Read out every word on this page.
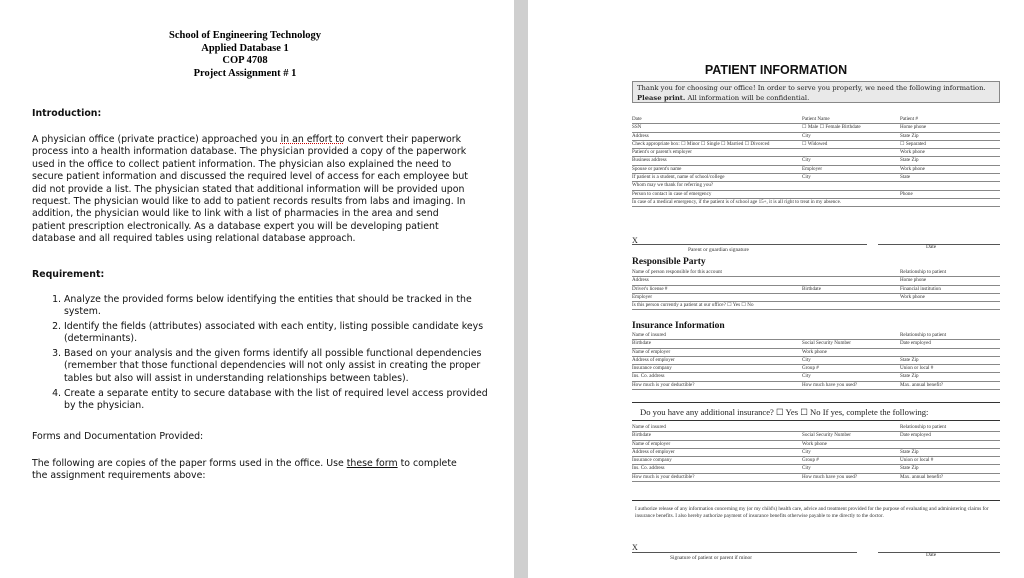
School of Engineering Technology
Applied Database 1
COP 4708
Project Assignment # 1
Introduction:
A physician office (private practice) approached you in an effort to convert their paperwork process into a health information database. The physician provided a copy of the paperwork used in the office to collect patient information. The physician also explained the need to secure patient information and discussed the required level of access for each employee but did not provide a list. The physician stated that additional information will be provided upon request. The physician would like to add to patient records results from labs and imaging. In addition, the physician would like to link with a list of pharmacies in the area and send patient prescription electronically. As a database expert you will be developing patient database and all required tables using relational database approach.
Requirement:
1. Analyze the provided forms below identifying the entities that should be tracked in the system.
2. Identify the fields (attributes) associated with each entity, listing possible candidate keys (determinants).
3. Based on your analysis and the given forms identify all possible functional dependencies (remember that those functional dependencies will not only assist in creating the proper tables but also will assist in understanding relationships between tables).
4. Create a separate entity to secure database with the list of required level access provided by the physician.
Forms and Documentation Provided:
The following are copies of the paper forms used in the office. Use these form to complete the assignment requirements above:
PATIENT INFORMATION
Thank you for choosing our office! In order to serve you properly, we need the following information. Please print. All information will be confidential.
Date	Patient Name	Patient #
SSN	☐ Male ☐ Female Birthdate	Home phone
Address	City	State Zip
Check appropriate box: ☐ Minor ☐ Single ☐ Married ☐ Divorced	☐ Widowed	☐ Separated
Patient's or parent's employer	Work phone
Business address	City	State Zip
Spouse or parent's name	Employer	Work phone
If patient is a student, name of school/college	City	State
Whom may we thank for referring you?
Person to contact in case of emergency	Phone
In case of a medical emergency, if the patient is of school age 15+, it is all right to treat in my absence.
X
Parent or guardian signature	Date
Responsible Party
Name of person responsible for this account	Relationship to patient
Address	Home phone
Driver's license #	Birthdate	Financial institution
Employer	Work phone
Is this person currently a patient at our office? ☐ Yes ☐ No
Insurance Information
Name of insured	Relationship to patient
Birthdate	Social Security Number	Date employed
Name of employer	Work phone
Address of employer	City	State Zip
Insurance company	Group #	Union or local #
Ins. Co. address	City	State Zip
How much is your deductible?	How much have you used?	Max. annual benefit?
Do you have any additional insurance? ☐ Yes ☐ No If yes, complete the following:
Name of insured	Relationship to patient
Birthdate	Social Security Number	Date employed
Name of employer	Work phone
Address of employer	City	State Zip
Insurance company	Group #	Union or local #
Ins. Co. address	City	State Zip
How much is your deductible?	How much have you used?	Max. annual benefit?
I authorize release of any information concerning my (or my child's) health care, advice and treatment provided for the purpose of evaluating and administering claims for insurance benefits. I also hereby authorize payment of insurance benefits otherwise payable to me directly to the doctor.
X
Signature of patient or parent if minor	Date
